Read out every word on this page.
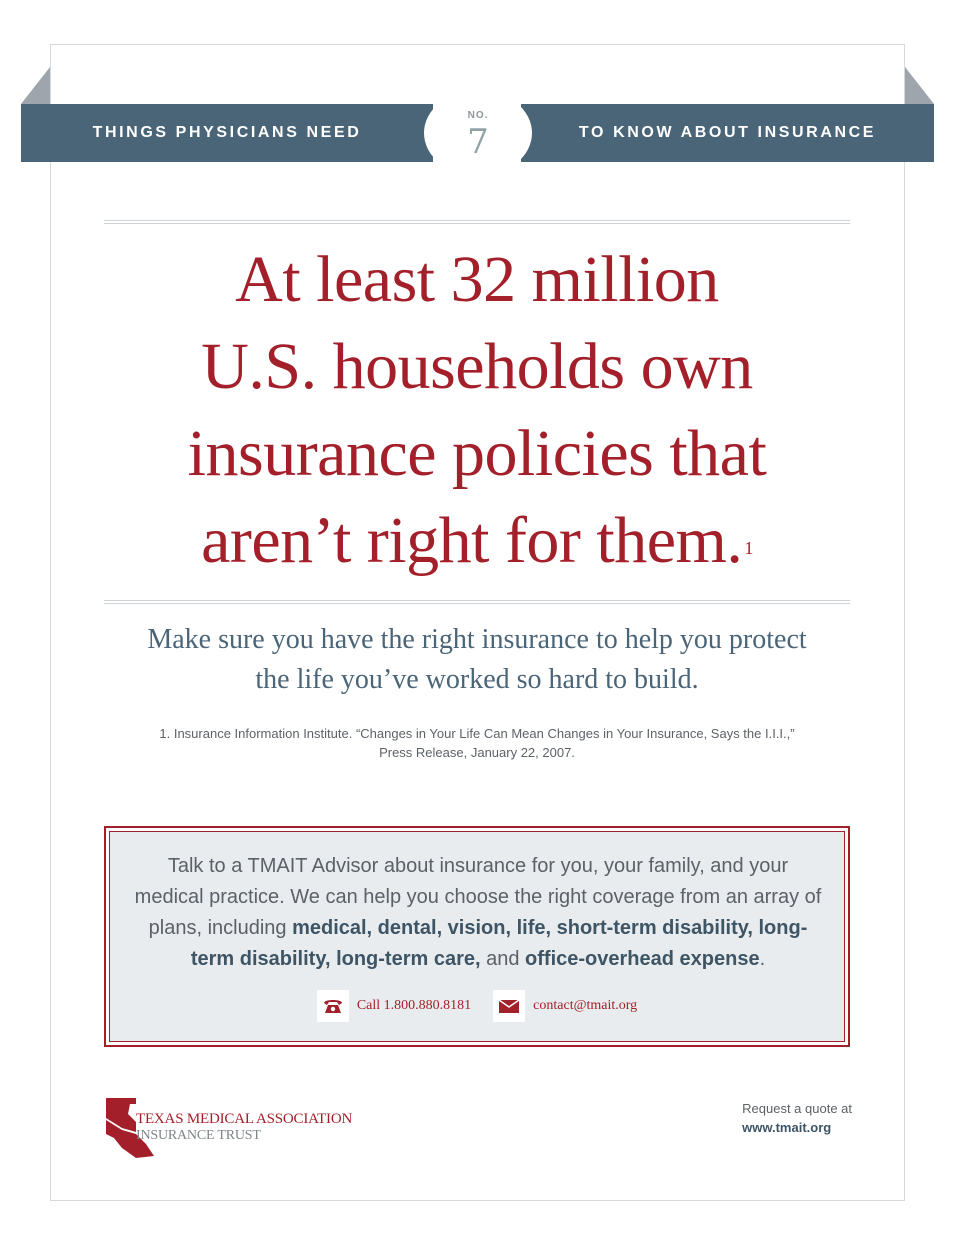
THINGS PHYSICIANS NEED	TO KNOW ABOUT INSURANCE
NO.
7
At least 32 million
U.S. households own
insurance policies that
aren’t right for them. $^1$
Make sure you have the right insurance to help you protect
the life you’ve worked so hard to build.
1. Insurance Information Institute. “Changes in Your Life Can Mean Changes in Your Insurance, Says the I.I.I.,”
Press Release, January 22, 2007.
Talk to a TMAIT Advisor about insurance for you, your family, and your medical practice. We can help you choose the right coverage from an array of plans, including medical, dental, vision, life, short-term disability, long-term disability, long-term care, and office-overhead expense.
Call 1.800.880.8181	contact@tmait.org
TEXAS MEDICAL ASSOCIATION
INSURANCE TRUST
Request a quote at
www.tmait.org
